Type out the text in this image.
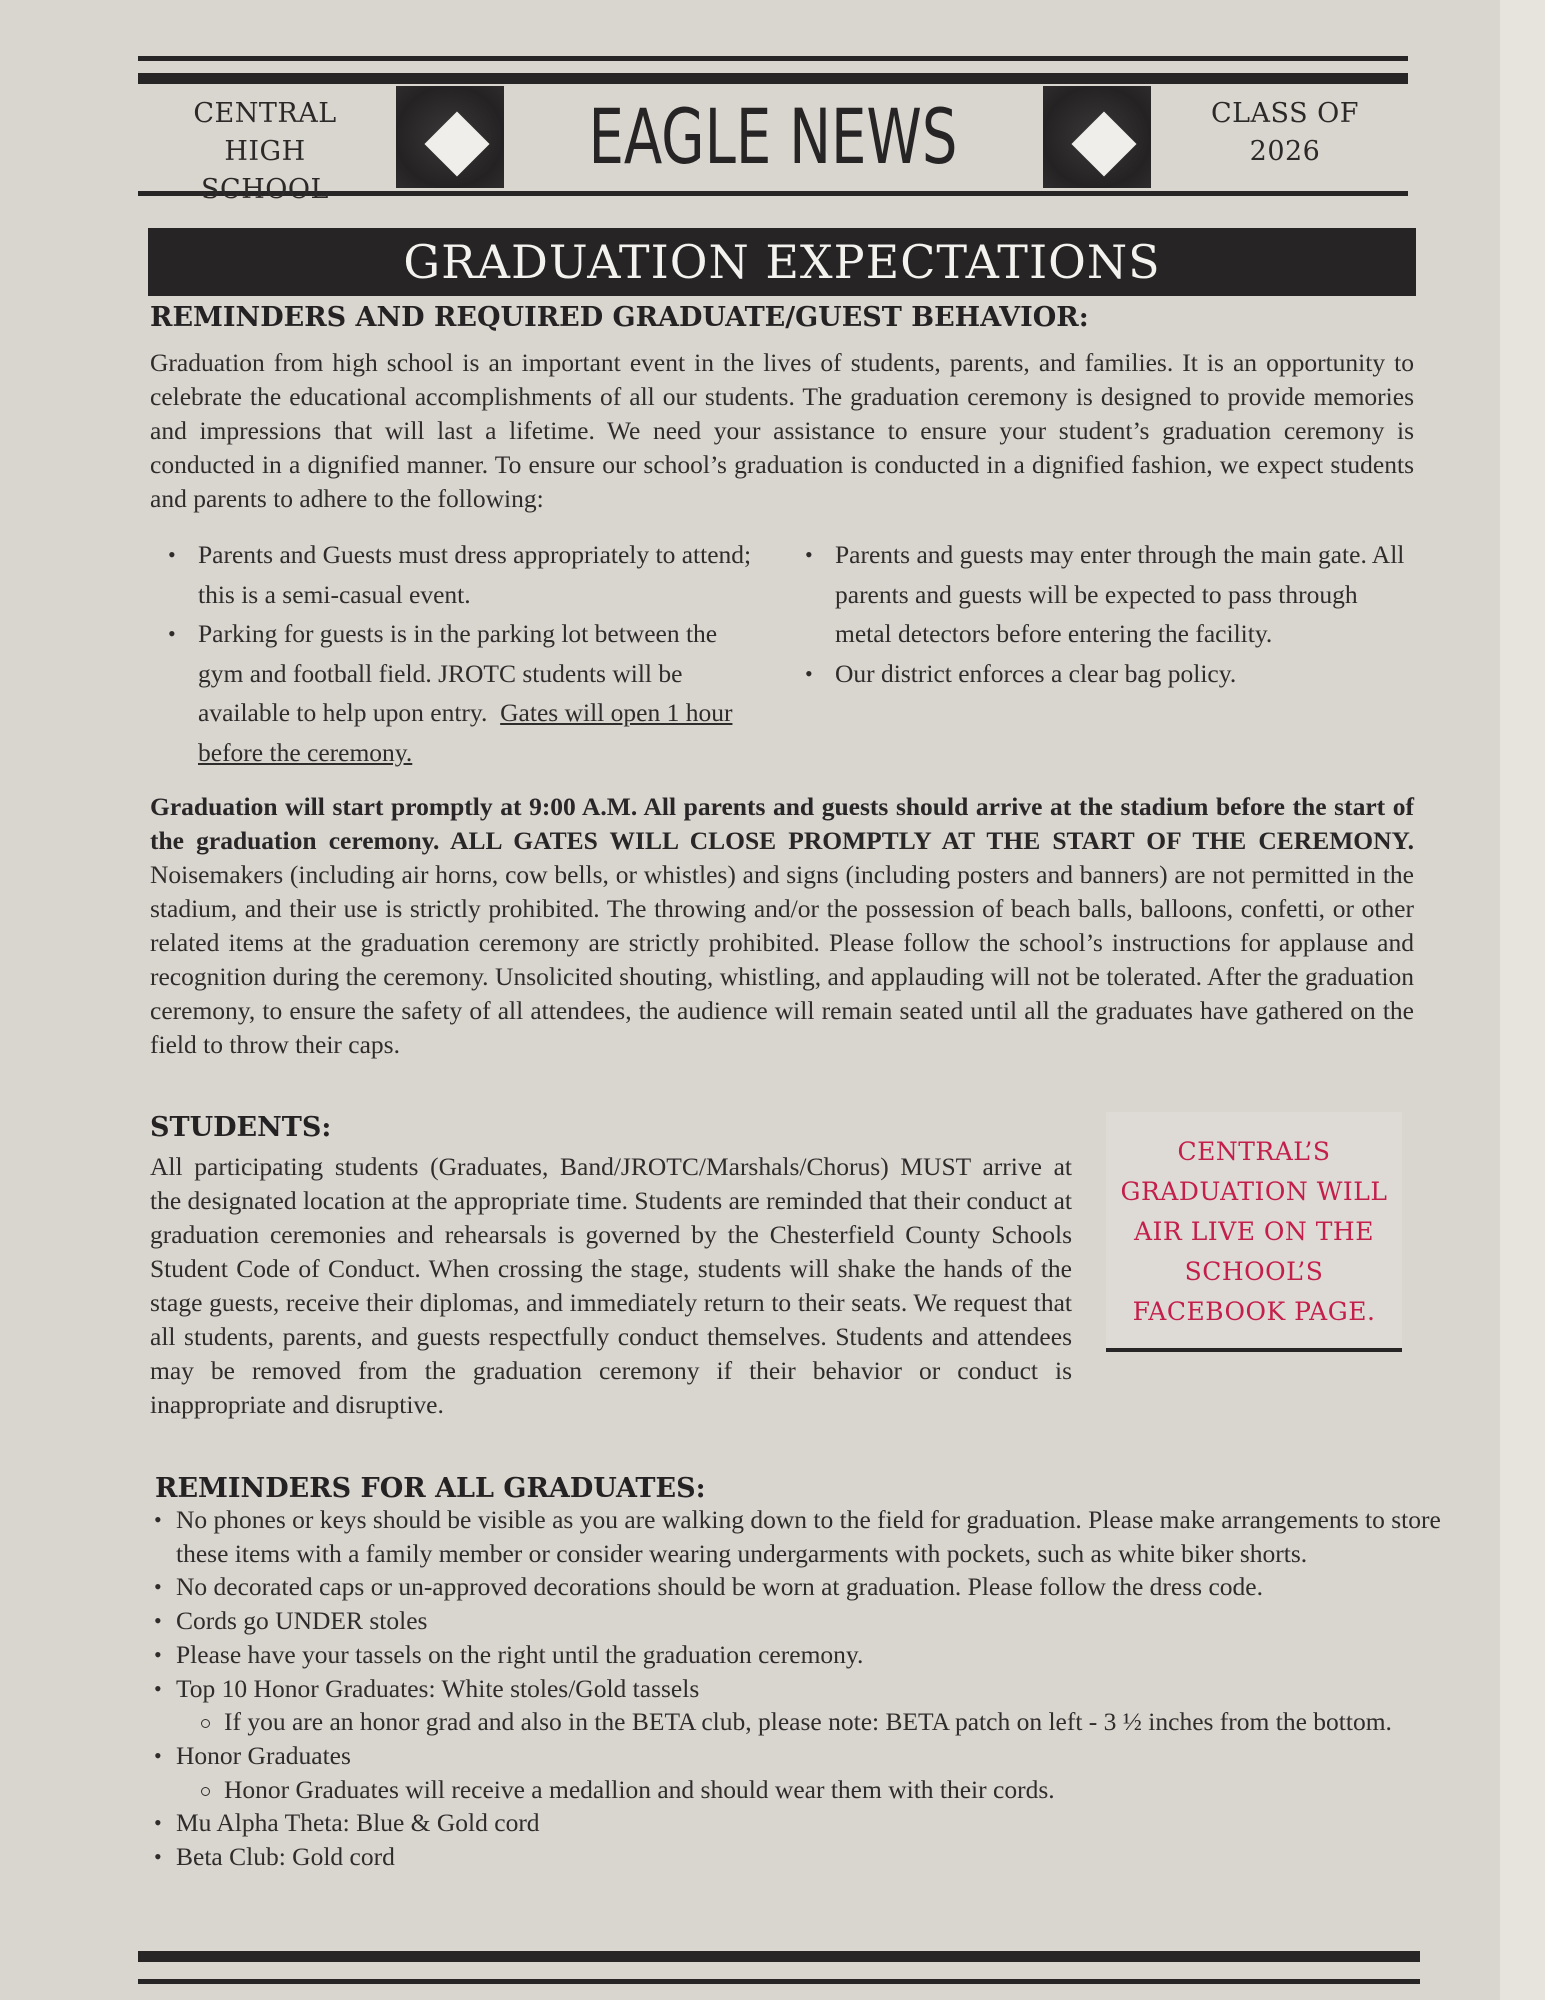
CENTRAL HIGH
SCHOOL
EAGLE NEWS	CLASS OF
2026
GRADUATION EXPECTATIONS
REMINDERS AND REQUIRED GRADUATE/GUEST BEHAVIOR:

Graduation from high school is an important event in the lives of students, parents, and families. It is an opportunity to celebrate the educational accomplishments of all our students. The graduation ceremony is designed to provide memories and impressions that will last a lifetime. We need your assistance to ensure your student’s graduation ceremony is conducted in a dignified manner. To ensure our school’s graduation is conducted in a dignified fashion, we expect students and parents to adhere to the following:

• Parents and Guests must dress appropriately to attend; this is a semi-casual event.
• Parking for guests is in the parking lot between the gym and football field. JROTC students will be available to help upon entry. Gates will open 1 hour before the ceremony.
• Parents and guests may enter through the main gate. All parents and guests will be expected to pass through metal detectors before entering the facility.
• Our district enforces a clear bag policy.

Graduation will start promptly at 9:00 A.M. All parents and guests should arrive at the stadium before the start of the graduation ceremony. ALL GATES WILL CLOSE PROMPTLY AT THE START OF THE CEREMONY. Noisemakers (including air horns, cow bells, or whistles) and signs (including posters and banners) are not permitted in the stadium, and their use is strictly prohibited. The throwing and/or the possession of beach balls, balloons, confetti, or other related items at the graduation ceremony are strictly prohibited. Please follow the school’s instructions for applause and recognition during the ceremony. Unsolicited shouting, whistling, and applauding will not be tolerated. After the graduation ceremony, to ensure the safety of all attendees, the audience will remain seated until all the graduates have gathered on the field to throw their caps.

STUDENTS:

All participating students (Graduates, Band/JROTC/Marshals/Chorus) MUST arrive at the designated location at the appropriate time. Students are reminded that their conduct at graduation ceremonies and rehearsals is governed by the Chesterfield County Schools Student Code of Conduct. When crossing the stage, students will shake the hands of the stage guests, receive their diplomas, and immediately return to their seats. We request that all students, parents, and guests respectfully conduct themselves. Students and attendees may be removed from the graduation ceremony if their behavior or conduct is inappropriate and disruptive.

CENTRAL’S
GRADUATION WILL
AIR LIVE ON THE
SCHOOL’S
FACEBOOK PAGE.
REMINDERS FOR ALL GRADUATES:
• No phones or keys should be visible as you are walking down to the field for graduation. Please make arrangements to store these items with a family member or consider wearing undergarments with pockets, such as white biker shorts.
• No decorated caps or un-approved decorations should be worn at graduation. Please follow the dress code.
• Cords go UNDER stoles
• Please have your tassels on the right until the graduation ceremony.
• Top 10 Honor Graduates: White stoles/Gold tassels
If you are an honor grad and also in the BETA club, please note: BETA patch on left - 3 ½ inches from the bottom.
• Honor Graduates
Honor Graduates will receive a medallion and should wear them with their cords.
• Mu Alpha Theta: Blue & Gold cord
• Beta Club: Gold cord
